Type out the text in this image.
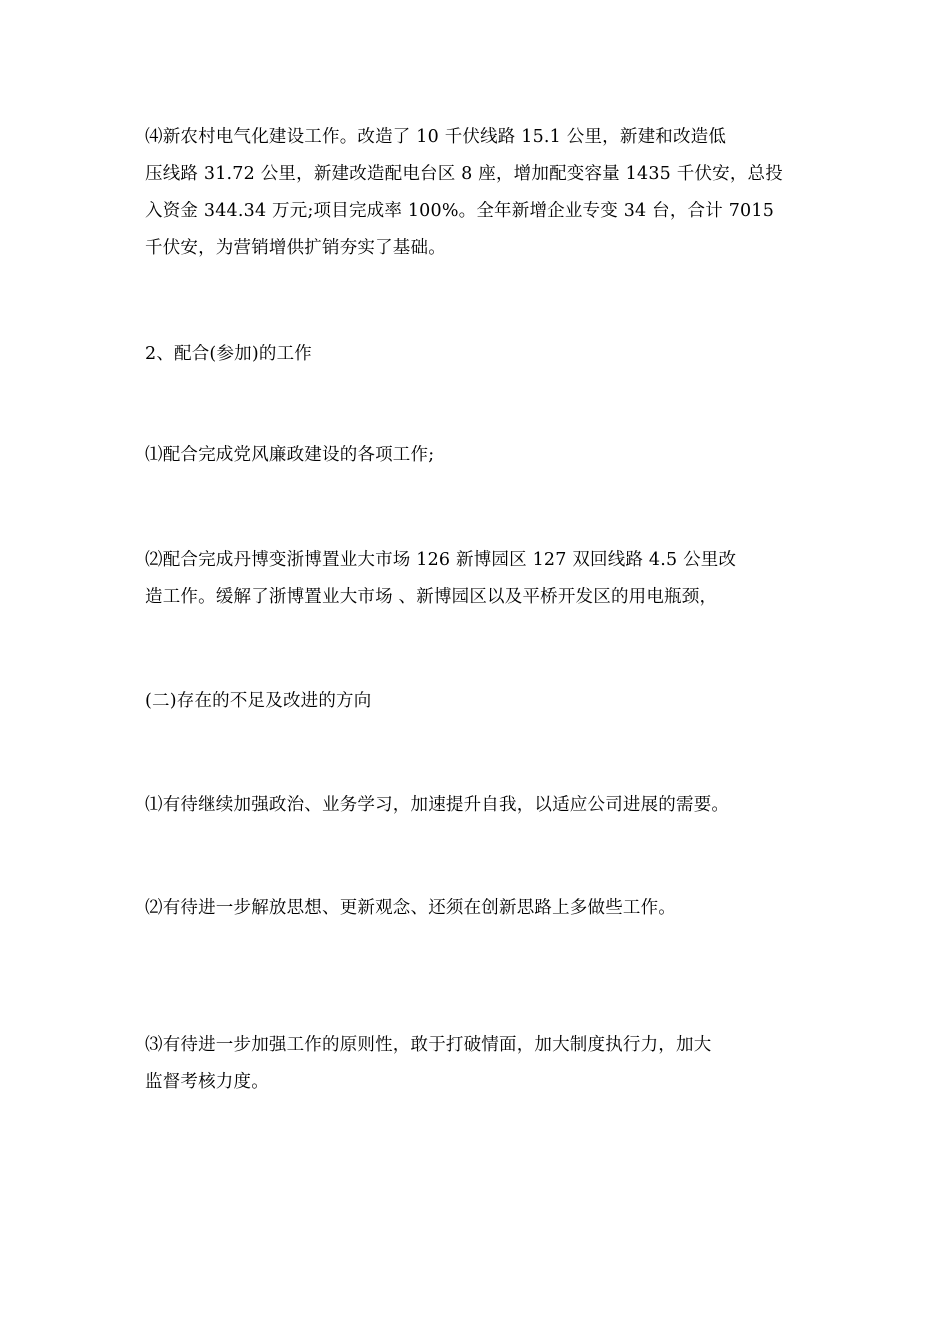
⑷新农村电气化建设工作。改造了 10 千伏线路 15.1 公里，新建和改造低
压线路 31.72 公里，新建改造配电台区 8 座，增加配变容量 1435 千伏安，总投
入资金 344.34 万元;项目完成率 100%。全年新增企业专变 34 台，合计 7015
千伏安，为营销增供扩销夯实了基础。
2、配合(参加)的工作
⑴配合完成党风廉政建设的各项工作;
⑵配合完成丹博变浙博置业大市场 126 新博园区 127 双回线路 4.5 公里改
造工作。缓解了浙博置业大市场 、新博园区以及平桥开发区的用电瓶颈，
(二)存在的不足及改进的方向
⑴有待继续加强政治、业务学习，加速提升自我，以适应公司进展的需要。
⑵有待进一步解放思想、更新观念、还须在创新思路上多做些工作。
⑶有待进一步加强工作的原则性，敢于打破情面，加大制度执行力，加大
监督考核力度。
